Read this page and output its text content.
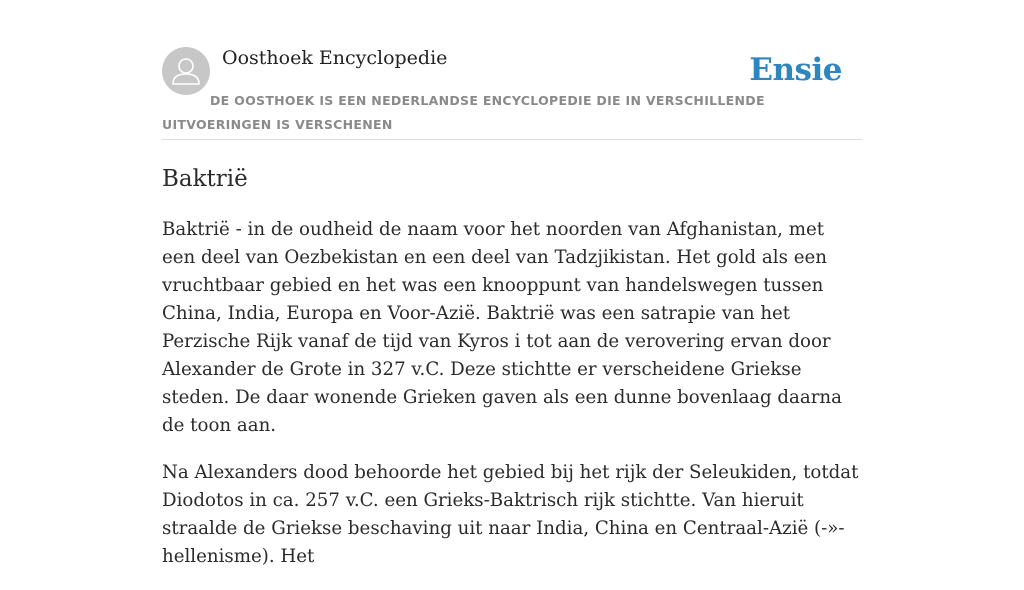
Oosthoek Encyclopedie	Ensie
DE OOSTHOEK IS EEN NEDERLANDSE ENCYCLOPEDIE DIE IN VERSCHILLENDE UITVOERINGEN IS VERSCHENEN
Baktrië

Baktrië - in de oudheid de naam voor het noorden van Afghanistan, met een deel van Oezbekistan en een deel van Tadzjikistan. Het gold als een vruchtbaar gebied en het was een knooppunt van handelswegen tussen China, India, Europa en Voor-Azië. Baktrië was een satrapie van het Perzische Rijk vanaf de tijd van Kyros i tot aan de verovering ervan door Alexander de Grote in 327 v.C. Deze stichtte er verscheidene Griekse steden. De daar wonende Grieken gaven als een dunne bovenlaag daarna de toon aan.

Na Alexanders dood behoorde het gebied bij het rijk der Seleukiden, totdat Diodotos in ca. 257 v.C. een Grieks-Baktrisch rijk stichtte. Van hieruit straalde de Griekse beschaving uit naar India, China en Centraal-Azië (-»-hellenisme). Het
